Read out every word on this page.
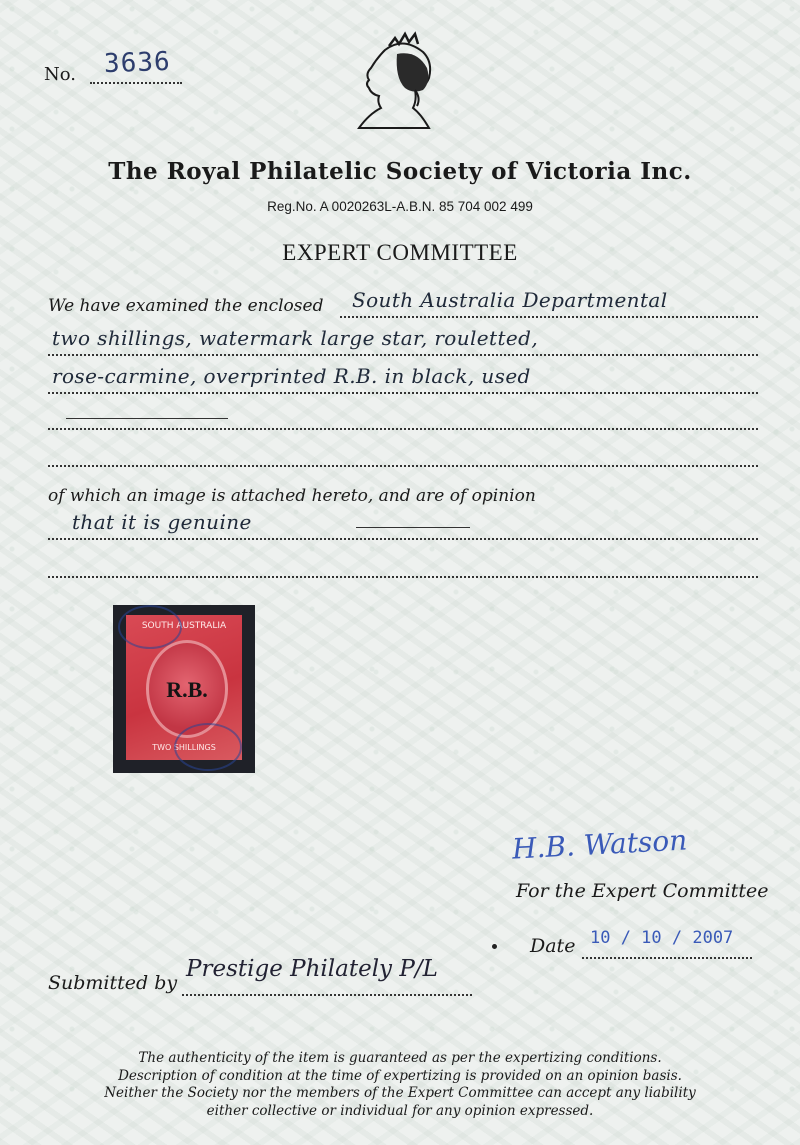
No. 3636
The Royal Philatelic Society of Victoria Inc.
Reg.No. A 0020263L-A.B.N. 85 704 002 499
EXPERT COMMITTEE
We have examined the enclosed South Australia Departmental
two shillings, watermark large star, rouletted,
rose-carmine, overprinted R.B. in black, used
of which an image is attached hereto, and are of opinion
that it is genuine
SOUTH AUSTRALIA
R.B.
TWO SHILLINGS
H.B. Watson
For the Expert Committee
Date 10 / 10 / 2007
Submitted by
Prestige Philately P/L
The authenticity of the item is guaranteed as per the expertizing conditions.
Description of condition at the time of expertizing is provided on an opinion basis.
Neither the Society nor the members of the Expert Committee can accept any liability
either collective or individual for any opinion expressed.
